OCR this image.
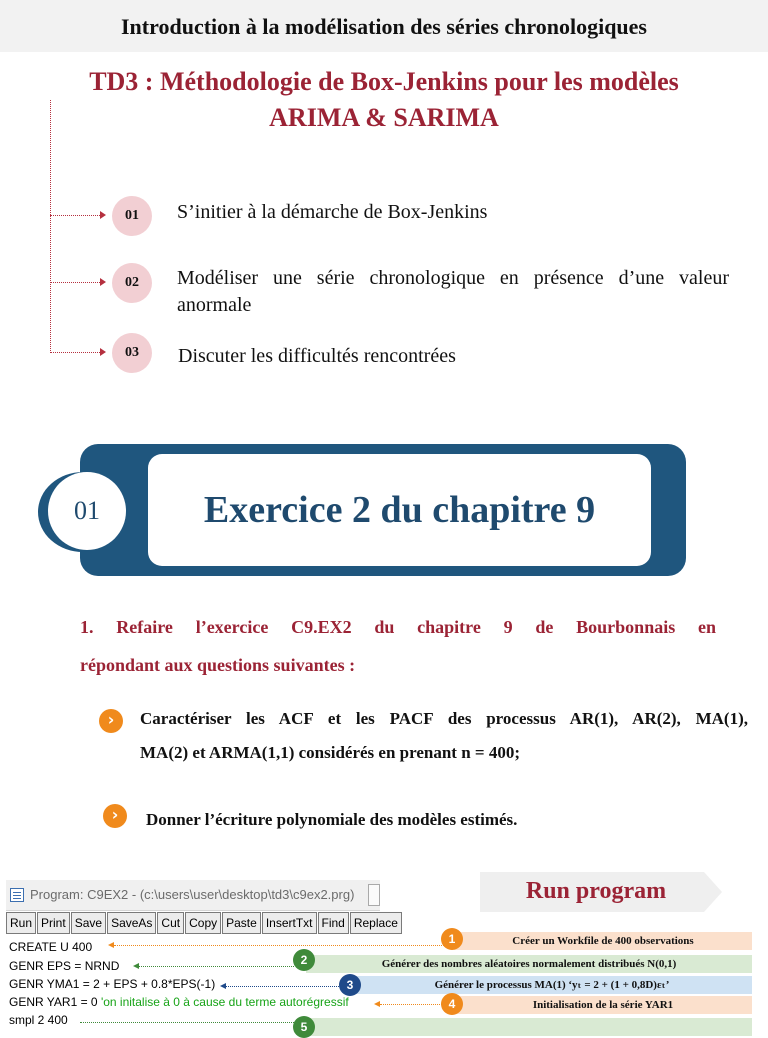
Introduction à la modélisation des séries chronologiques
TD3 : Méthodologie de Box-Jenkins pour les modèles
ARIMA & SARIMA
01	S’initier à la démarche de Box-Jenkins
02	Modéliser une série chronologique en présence d’une valeur anormale
03	Discuter les difficultés rencontrées
01	Exercice 2 du chapitre 9
1. Refaire l’exercice C9.EX2 du chapitre 9 de Bourbonnais en
répondant aux questions suivantes :
›	Caractériser les ACF et les PACF des processus AR(1), AR(2), MA(1),
MA(2) et ARMA(1,1) considérés en prenant n = 400;
›	Donner l’écriture polynomiale des modèles estimés.
Program: C9EX2 - (c:\users\user\desktop\td3\c9ex2.prg)
Run Print Save SaveAs Cut Copy Paste InsertTxt Find Replace
CREATE U 400
GENR EPS = NRND
GENR YMA1 = 2 + EPS + 0.8*EPS(-1)
GENR YAR1 = 0 'on initalise à 0 à cause du terme autorégressif
smpl 2 400
Run program
Créer un Workfile de 400 observations
1
Générer des nombres aléatoires normalement distribués N(0,1)
2
Générer le processus MA(1) ‘yₜ = 2 + (1 + 0,8D)εₜ’
3
Initialisation de la série YAR1
4
5
